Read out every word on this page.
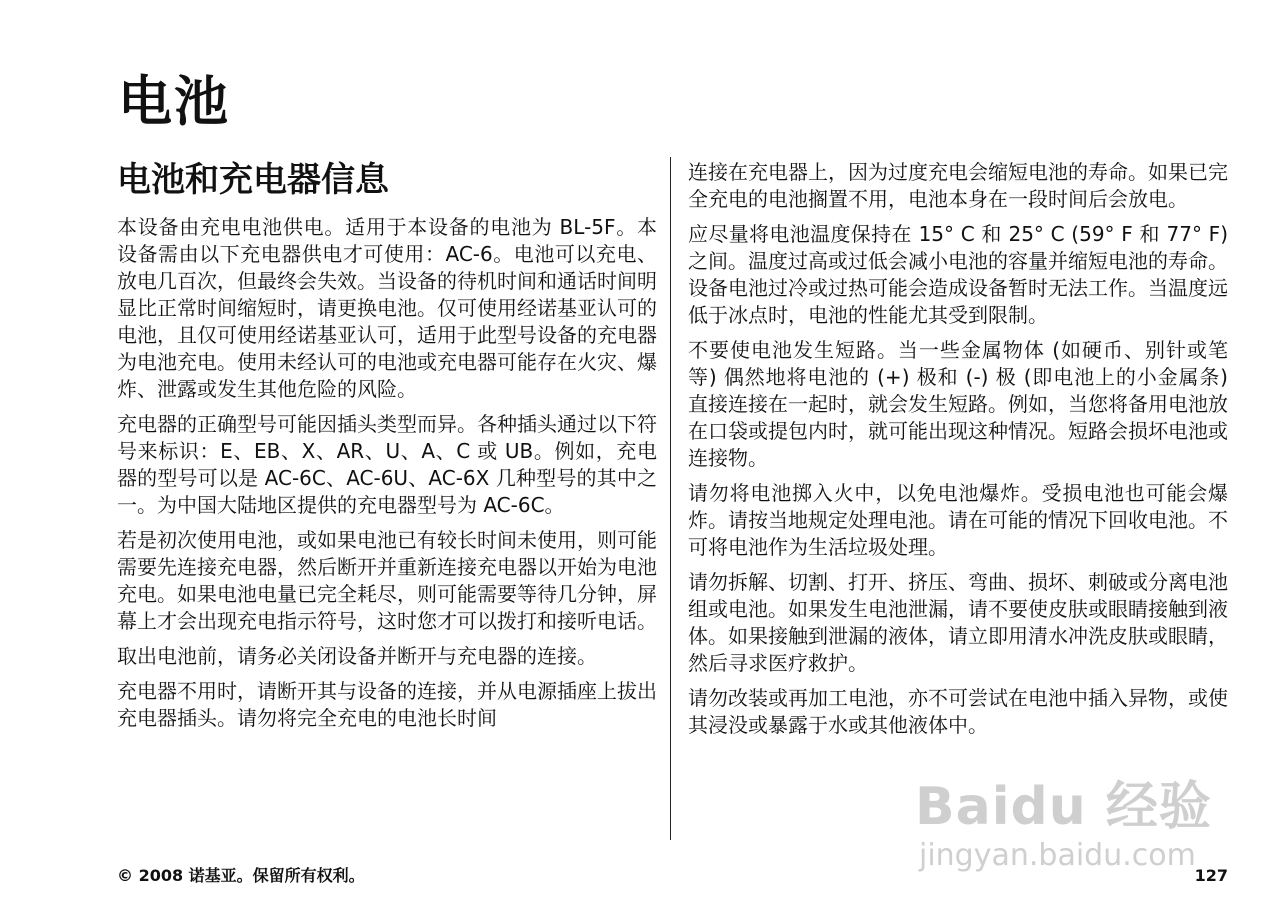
电池
电池和充电器信息

本设备由充电电池供电。适用于本设备的电池为 BL-5F。本设备需由以下充电器供电才可使用：AC-6。电池可以充电、放电几百次，但最终会失效。当设备的待机时间和通话时间明显比正常时间缩短时，请更换电池。仅可使用经诺基亚认可的电池，且仅可使用经诺基亚认可，适用于此型号设备的充电器为电池充电。使用未经认可的电池或充电器可能存在火灾、爆炸、泄露或发生其他危险的风险。

充电器的正确型号可能因插头类型而异。各种插头通过以下符号来标识：E、EB、X、AR、U、A、C 或 UB。例如，充电器的型号可以是 AC-6C、AC-6U、AC-6X 几种型号的其中之一。为中国大陆地区提供的充电器型号为 AC-6C。

若是初次使用电池，或如果电池已有较长时间未使用，则可能需要先连接充电器，然后断开并重新连接充电器以开始为电池充电。如果电池电量已完全耗尽，则可能需要等待几分钟，屏幕上才会出现充电指示符号，这时您才可以拨打和接听电话。

取出电池前，请务必关闭设备并断开与充电器的连接。

充电器不用时，请断开其与设备的连接，并从电源插座上拔出充电器插头。请勿将完全充电的电池长时间

连接在充电器上，因为过度充电会缩短电池的寿命。如果已完全充电的电池搁置不用，电池本身在一段时间后会放电。

应尽量将电池温度保持在 15° C 和 25° C (59° F 和 77° F) 之间。温度过高或过低会减小电池的容量并缩短电池的寿命。设备电池过冷或过热可能会造成设备暂时无法工作。当温度远低于冰点时，电池的性能尤其受到限制。

不要使电池发生短路。当一些金属物体 (如硬币、别针或笔等) 偶然地将电池的 (+) 极和 (-) 极 (即电池上的小金属条) 直接连接在一起时，就会发生短路。例如，当您将备用电池放在口袋或提包内时，就可能出现这种情况。短路会损坏电池或连接物。

请勿将电池掷入火中，以免电池爆炸。受损电池也可能会爆炸。请按当地规定处理电池。请在可能的情况下回收电池。不可将电池作为生活垃圾处理。

请勿拆解、切割、打开、挤压、弯曲、损坏、刺破或分离电池组或电池。如果发生电池泄漏，请不要使皮肤或眼睛接触到液体。如果接触到泄漏的液体，请立即用清水冲洗皮肤或眼睛，然后寻求医疗救护。

请勿改装或再加工电池，亦不可尝试在电池中插入异物，或使其浸没或暴露于水或其他液体中。

© 2008 诺基亚。保留所有权利。	127
Baidu 经验
jingyan.baidu.com
